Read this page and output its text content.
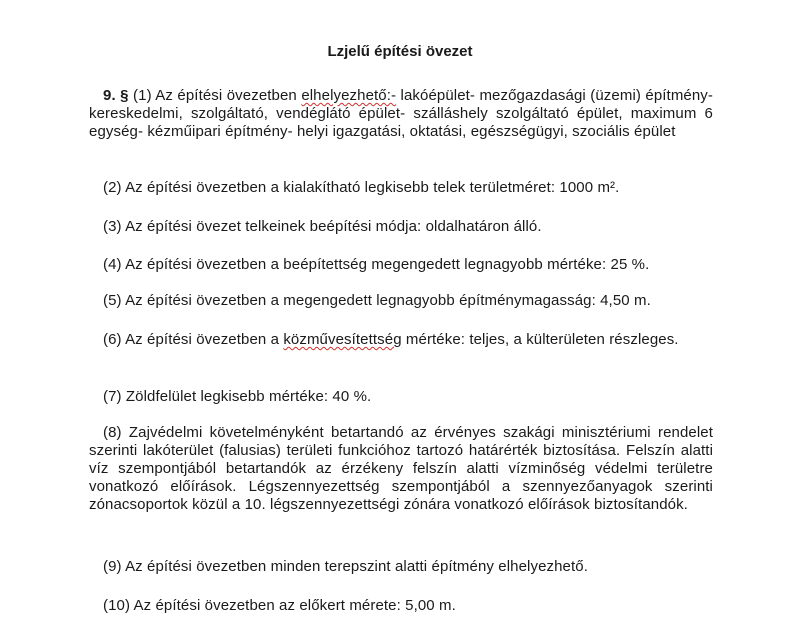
Lzjelű építési övezet
9. § (1) Az építési övezetben elhelyezhető:- lakóépület- mezőgazdasági (üzemi) építmény- kereskedelmi, szolgáltató, vendéglátó épület- szálláshely szolgáltató épület, maximum 6 egység- kézműipari építmény- helyi igazgatási, oktatási, egészségügyi, szociális épület
(2) Az építési övezetben a kialakítható legkisebb telek területméret: 1000 m².
(3) Az építési övezet telkeinek beépítési módja: oldalhatáron álló.
(4) Az építési övezetben a beépítettség megengedett legnagyobb mértéke: 25 %.
(5) Az építési övezetben a megengedett legnagyobb építménymagasság: 4,50 m.
(6) Az építési övezetben a közművesítettség mértéke: teljes, a külterületen részleges.
(7) Zöldfelület legkisebb mértéke: 40 %.
(8) Zajvédelmi követelményként betartandó az érvényes szakági minisztériumi rendelet szerinti lakóterület (falusias) területi funkcióhoz tartozó határérték biztosítása. Felszín alatti víz szempontjából betartandók az érzékeny felszín alatti vízminőség védelmi területre vonatkozó előírások. Légszennyezettség szempontjából a szennyezőanyagok szerinti zónacsoportok közül a 10. légszennyezettségi zónára vonatkozó előírások biztosítandók.
(9) Az építési övezetben minden terepszint alatti építmény elhelyezhető.
(10) Az építési övezetben az előkert mérete: 5,00 m.
